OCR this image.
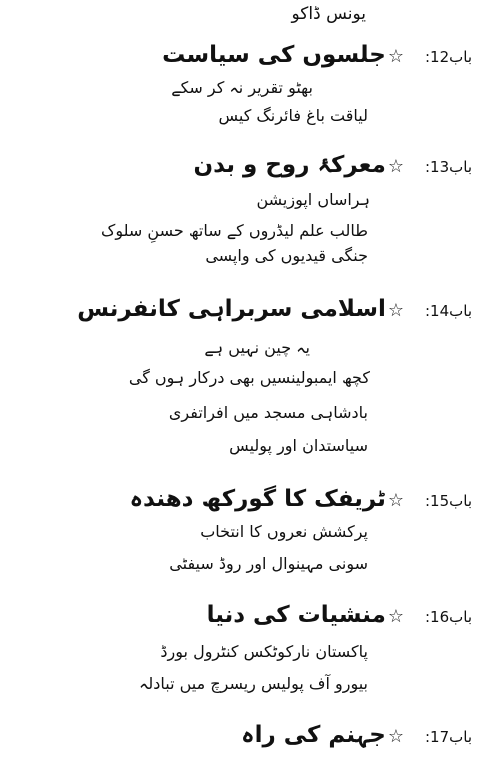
یونس ڈاکو
باب12:
☆جلسوں کی سیاست
بھٹو تقریر نہ کر سکے
لیاقت باغ فائرنگ کیس
باب13:
☆معرکۂ روح و بدن
ہراساں اپوزیشن
طالب علم لیڈروں کے ساتھ حسنِ سلوک
جنگی قیدیوں کی واپسی
باب14:
☆اسلامی سربراہی کانفرنس
یہ چین نہیں ہے
کچھ ایمبولینسیں بھی درکار ہوں گی
بادشاہی مسجد میں افراتفری
سیاستدان اور پولیس
باب15:
☆ٹریفک کا گورکھ دھندہ
پرکشش نعروں کا انتخاب
سونی مہینوال اور روڈ سیفٹی
باب16:
☆منشیات کی دنیا
پاکستان نارکوٹکس کنٹرول بورڈ
بیورو آف پولیس ریسرچ میں تبادلہ
باب17:
☆جہنم کی راہ
